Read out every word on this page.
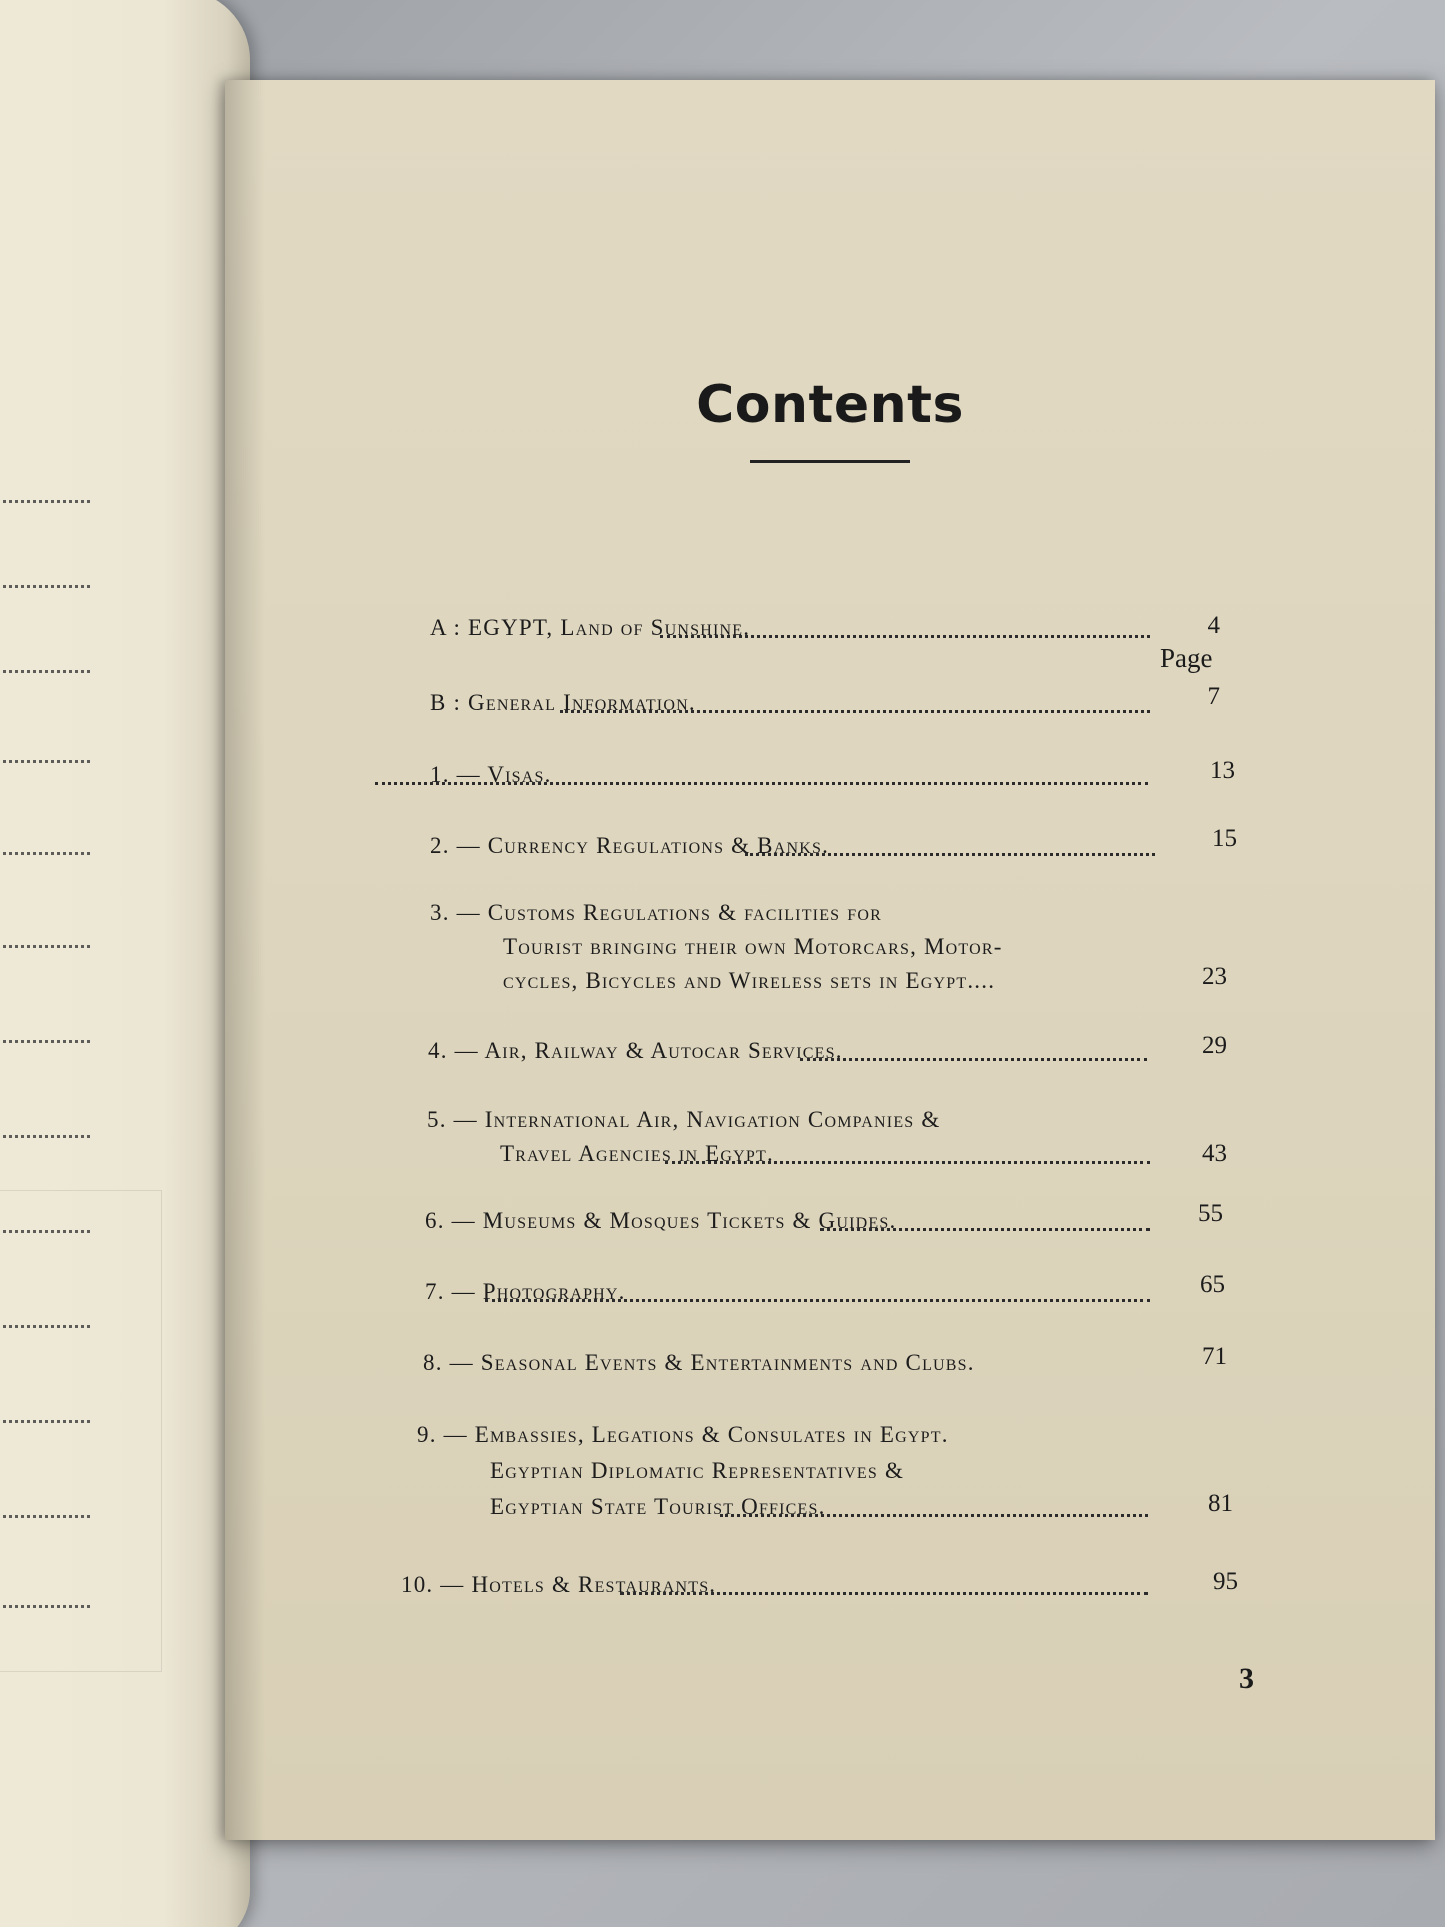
Contents
Page
A : EGYPT, Land of Sunshine.	4
B : General Information.	7
1. — Visas.	13
2. — Currency Regulations & Banks.	15
3. — Customs Regulations & facilities for
Tourist bringing their own Motorcars, Motor-
cycles, Bicycles and Wireless sets in Egypt....	23
4. — Air, Railway & Autocar Services.	29
5. — International Air, Navigation Companies &
Travel Agencies in Egypt.	43
6. — Museums & Mosques Tickets & Guides.	55
7. — Photography.	65
8. — Seasonal Events & Entertainments and Clubs.	71
9. — Embassies, Legations & Consulates in Egypt.
Egyptian Diplomatic Representatives &
Egyptian State Tourist Offices.	81
10. — Hotels & Restaurants.	95
3
